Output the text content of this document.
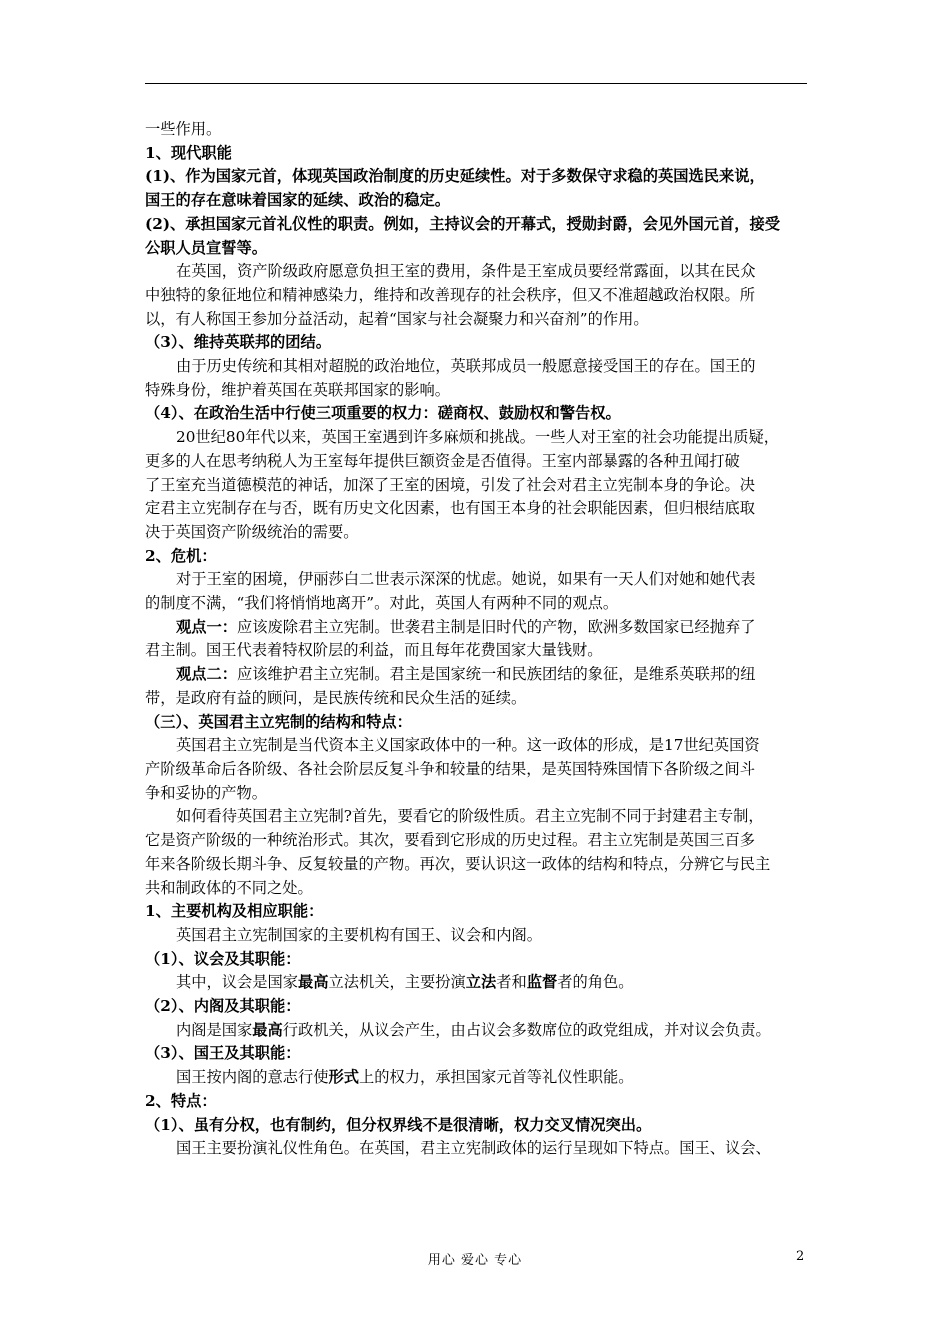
一些作用。

1、现代职能

(1)、作为国家元首，体现英国政治制度的历史延续性。对于多数保守求稳的英国选民来说，

国王的存在意味着国家的延续、政治的稳定。

(2)、承担国家元首礼仪性的职责。例如，主持议会的开幕式，授勋封爵，会见外国元首，接受

公职人员宣誓等。

在英国，资产阶级政府愿意负担王室的费用，条件是王室成员要经常露面，以其在民众

中独特的象征地位和精神感染力，维持和改善现存的社会秩序，但又不准超越政治权限。所

以，有人称国王参加分益活动，起着“国家与社会凝聚力和兴奋剂”的作用。

（3）、维持英联邦的团结。

由于历史传统和其相对超脱的政治地位，英联邦成员一般愿意接受国王的存在。国王的

特殊身份，维护着英国在英联邦国家的影响。

（4）、在政治生活中行使三项重要的权力：磋商权、鼓励权和警告权。

20世纪80年代以来，英国王室遇到许多麻烦和挑战。一些人对王室的社会功能提出质疑，

更多的人在思考纳税人为王室每年提供巨额资金是否值得。王室内部暴露的各种丑闻打破

了王室充当道德模范的神话，加深了王室的困境，引发了社会对君主立宪制本身的争论。决

定君主立宪制存在与否，既有历史文化因素，也有国王本身的社会职能因素，但归根结底取

决于英国资产阶级统治的需要。

2、危机：

对于王室的困境，伊丽莎白二世表示深深的忧虑。她说，如果有一天人们对她和她代表

的制度不满，“我们将悄悄地离开”。对此，英国人有两种不同的观点。

观点一：应该废除君主立宪制。世袭君主制是旧时代的产物，欧洲多数国家已经抛弃了

君主制。国王代表着特权阶层的利益，而且每年花费国家大量钱财。

观点二：应该维护君主立宪制。君主是国家统一和民族团结的象征，是维系英联邦的纽

带，是政府有益的顾问，是民族传统和民众生活的延续。

（三）、英国君主立宪制的结构和特点：

英国君主立宪制是当代资本主义国家政体中的一种。这一政体的形成，是17世纪英国资

产阶级革命后各阶级、各社会阶层反复斗争和较量的结果，是英国特殊国情下各阶级之间斗

争和妥协的产物。

如何看待英国君主立宪制?首先，要看它的阶级性质。君主立宪制不同于封建君主专制，

它是资产阶级的一种统治形式。其次，要看到它形成的历史过程。君主立宪制是英国三百多

年来各阶级长期斗争、反复较量的产物。再次，要认识这一政体的结构和特点，分辨它与民主

共和制政体的不同之处。

1、主要机构及相应职能：

英国君主立宪制国家的主要机构有国王、议会和内阁。

（1）、议会及其职能：

其中，议会是国家最高立法机关，主要扮演立法者和监督者的角色。

（2）、内阁及其职能：

内阁是国家最高行政机关，从议会产生，由占议会多数席位的政党组成，并对议会负责。

（3）、国王及其职能：

国王按内阁的意志行使形式上的权力，承担国家元首等礼仪性职能。

2、特点：

（1）、虽有分权，也有制约，但分权界线不是很清晰，权力交叉情况突出。

国王主要扮演礼仪性角色。在英国，君主立宪制政体的运行呈现如下特点。国王、议会、

用心 爱心 专心	2
